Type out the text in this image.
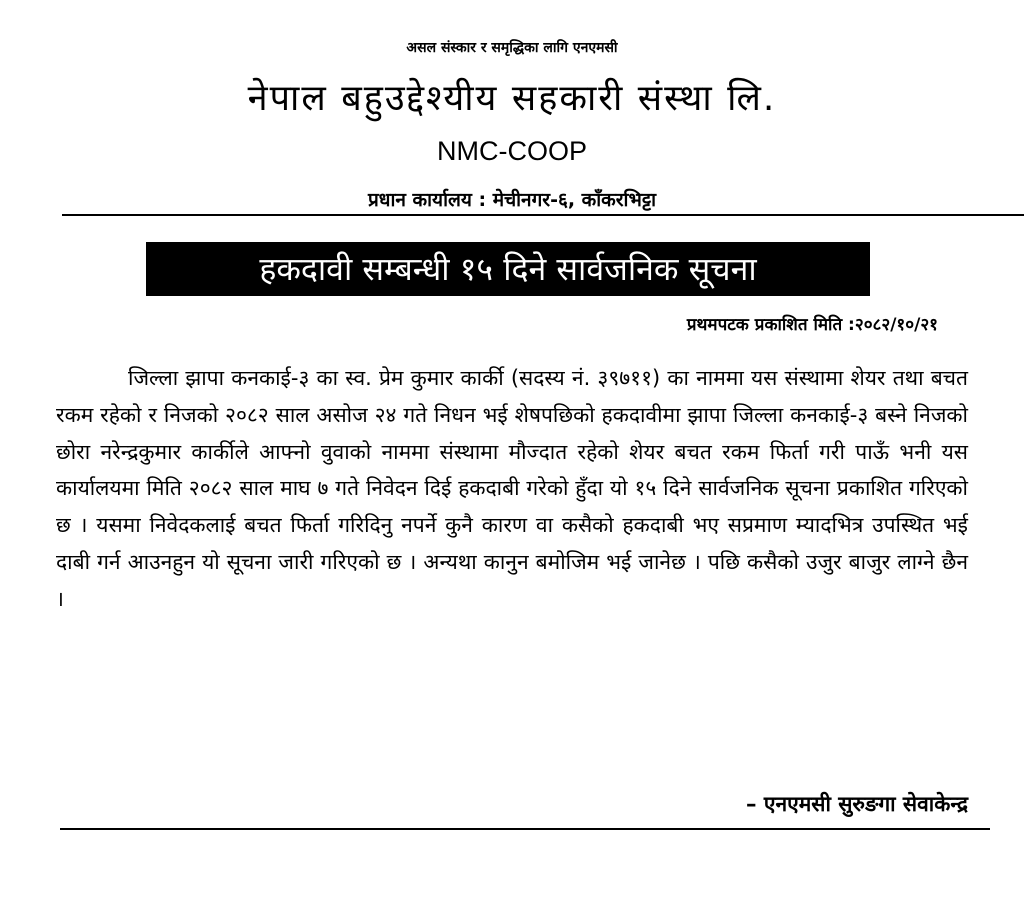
असल संस्कार र समृद्धिका लागि एनएमसी
नेपाल बहुउद्देश्यीय सहकारी संस्था लि.
NMC-COOP
प्रधान कार्यालय : मेचीनगर-६, काँकरभिट्टा
हकदावी सम्बन्धी १५ दिने सार्वजनिक सूचना
प्रथमपटक प्रकाशित मिति :२०८२/१०/२१

जिल्ला झापा कनकाई-३ का स्व. प्रेम कुमार कार्की (सदस्य नं. ३९७११) का नाममा यस संस्थामा शेयर तथा बचत रकम रहेको र निजको २०८२ साल असोज २४ गते निधन भई शेषपछिको हकदावीमा झापा जिल्ला कनकाई-३ बस्ने निजको छोरा नरेन्द्रकुमार कार्कीले आफ्नो वुवाको नाममा संस्थामा मौज्दात रहेको शेयर बचत रकम फिर्ता गरी पाऊँ भनी यस कार्यालयमा मिति २०८२ साल माघ ७ गते निवेदन दिई हकदाबी गरेको हुँदा यो १५ दिने सार्वजनिक सूचना प्रकाशित गरिएको छ । यसमा निवेदकलाई बचत फिर्ता गरिदिनु नपर्ने कुनै कारण वा कसैको हकदाबी भए सप्रमाण म्यादभित्र उपस्थित भई दाबी गर्न आउनहुन यो सूचना जारी गरिएको छ । अन्यथा कानुन बमोजिम भई जानेछ । पछि कसैको उजुर बाजुर लाग्ने छैन ।

– एनएमसी सुरुङगा सेवाकेन्द्र
